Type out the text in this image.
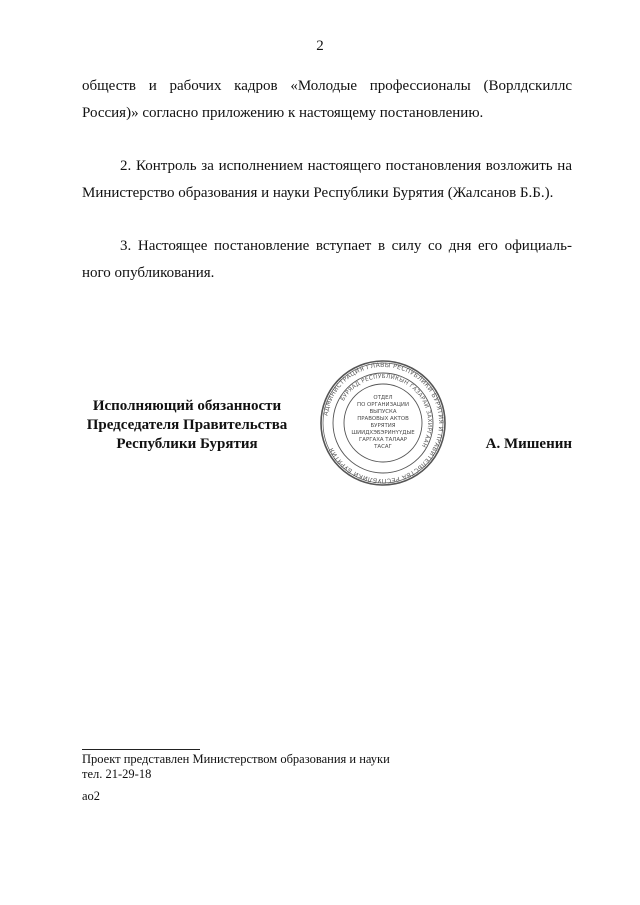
2
обществ и рабочих кадров «Молодые профессионалы (Ворлдскиллс
Россия)» согласно приложению к настоящему постановлению.
2. Контроль за исполнением настоящего постановления возложить на
Министерство образования и науки Республики Бурятия (Жалсанов Б.Б.).
3. Настоящее постановление вступает в силу со дня его официаль-
ного опубликования.
Исполняющий обязанности
Председателя Правительства
Республики Бурятия
АДМИНИСТРАЦИЯ ГЛАВЫ РЕСПУБЛИКИ БУРЯТИЯ И ПРАВИТЕЛЬСТВА РЕСПУБЛИКИ БУРЯТИЯ
БУРЯАД РЕСПУБЛИКЫН ГАЗАРАЙ ЗАХИРГААН
ОТДЕЛ
ПО ОРГАНИЗАЦИИ
ВЫПУСКА
ПРАВОВЫХ АКТОВ
БУРЯТИЯ
ШИИДХЭБЭРИНҮҮДЫЕ
ГАРГАХА ТАЛААР
ТАСАГ	А. Мишенин
Проект представлен Министерством образования и науки
тел. 21-29-18
ао2
